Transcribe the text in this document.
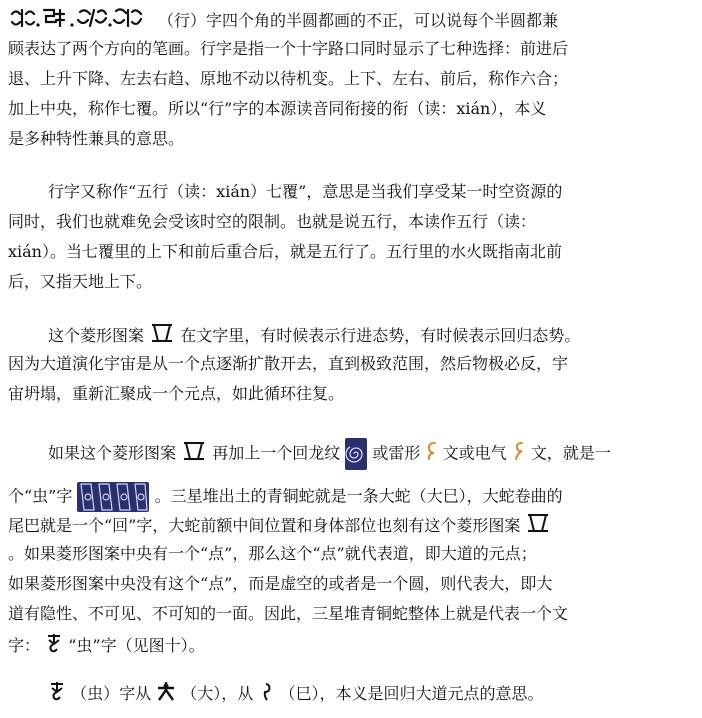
（行）字四个角的半圆都画的不正，可以说每个半圆都兼
顾表达了两个方向的笔画。行字是指一个十字路口同时显示了七种选择：前进后
退、上升下降、左去右趋、原地不动以待机变。上下、左右、前后，称作六合；
加上中央，称作七覆。所以“行”字的本源读音同衔接的衔（读：xián），本义
是多种特性兼具的意思。
行字又称作“五行（读：xián）七覆”，意思是当我们享受某一时空资源的
同时，我们也就难免会受该时空的限制。也就是说五行，本读作五行（读：
xián）。当七覆里的上下和前后重合后，就是五行了。五行里的水火既指南北前
后，又指天地上下。
这个菱形图案 在文字里，有时候表示行进态势，有时候表示回归态势。
因为大道演化宇宙是从一个点逐渐扩散开去，直到极致范围，然后物极必反，宇
宙坍塌，重新汇聚成一个元点，如此循环往复。
如果这个菱形图案 再加上一个回龙纹 或雷形 文或电气 文，就是一
个“虫”字	。三星堆出土的青铜蛇就是一条大蛇（大巳），大蛇卷曲的
尾巴就是一个“回”字，大蛇前额中间位置和身体部位也刻有这个菱形图案
。如果菱形图案中央有一个“点”，那么这个“点”就代表道，即大道的元点；
如果菱形图案中央没有这个“点”，而是虚空的或者是一个圆，则代表大，即大
道有隐性、不可见、不可知的一面。因此，三星堆青铜蛇整体上就是代表一个文
字： “虫”字（见图十）。
（虫）字从 （大），从 （巳），本义是回归大道元点的意思。
